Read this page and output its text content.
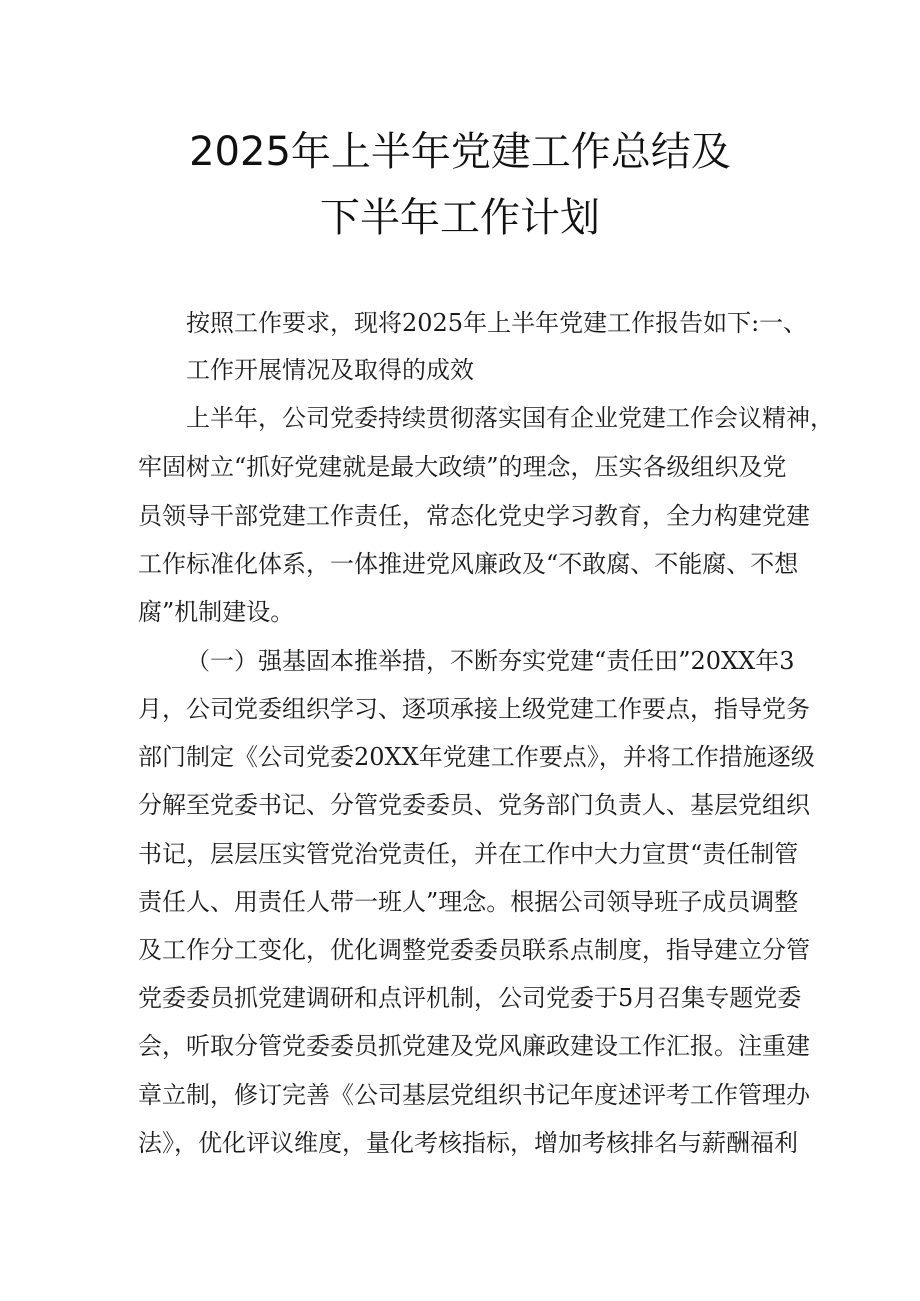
2025年上半年党建工作总结及
下半年工作计划
按照工作要求，现将2025年上半年党建工作报告如下:一、
工作开展情况及取得的成效
上半年，公司党委持续贯彻落实国有企业党建工作会议精神，
牢固树立“抓好党建就是最大政绩”的理念，压实各级组织及党
员领导干部党建工作责任，常态化党史学习教育，全力构建党建
工作标准化体系，一体推进党风廉政及“不敢腐、不能腐、不想
腐”机制建设。
（一）强基固本推举措，不断夯实党建“责任田”20XX年3
月，公司党委组织学习、逐项承接上级党建工作要点，指导党务
部门制定《公司党委20XX年党建工作要点》，并将工作措施逐级
分解至党委书记、分管党委委员、党务部门负责人、基层党组织
书记，层层压实管党治党责任，并在工作中大力宣贯“责任制管
责任人、用责任人带一班人”理念。根据公司领导班子成员调整
及工作分工变化，优化调整党委委员联系点制度，指导建立分管
党委委员抓党建调研和点评机制，公司党委于5月召集专题党委
会，听取分管党委委员抓党建及党风廉政建设工作汇报。注重建
章立制，修订完善《公司基层党组织书记年度述评考工作管理办
法》，优化评议维度，量化考核指标，增加考核排名与薪酬福利
